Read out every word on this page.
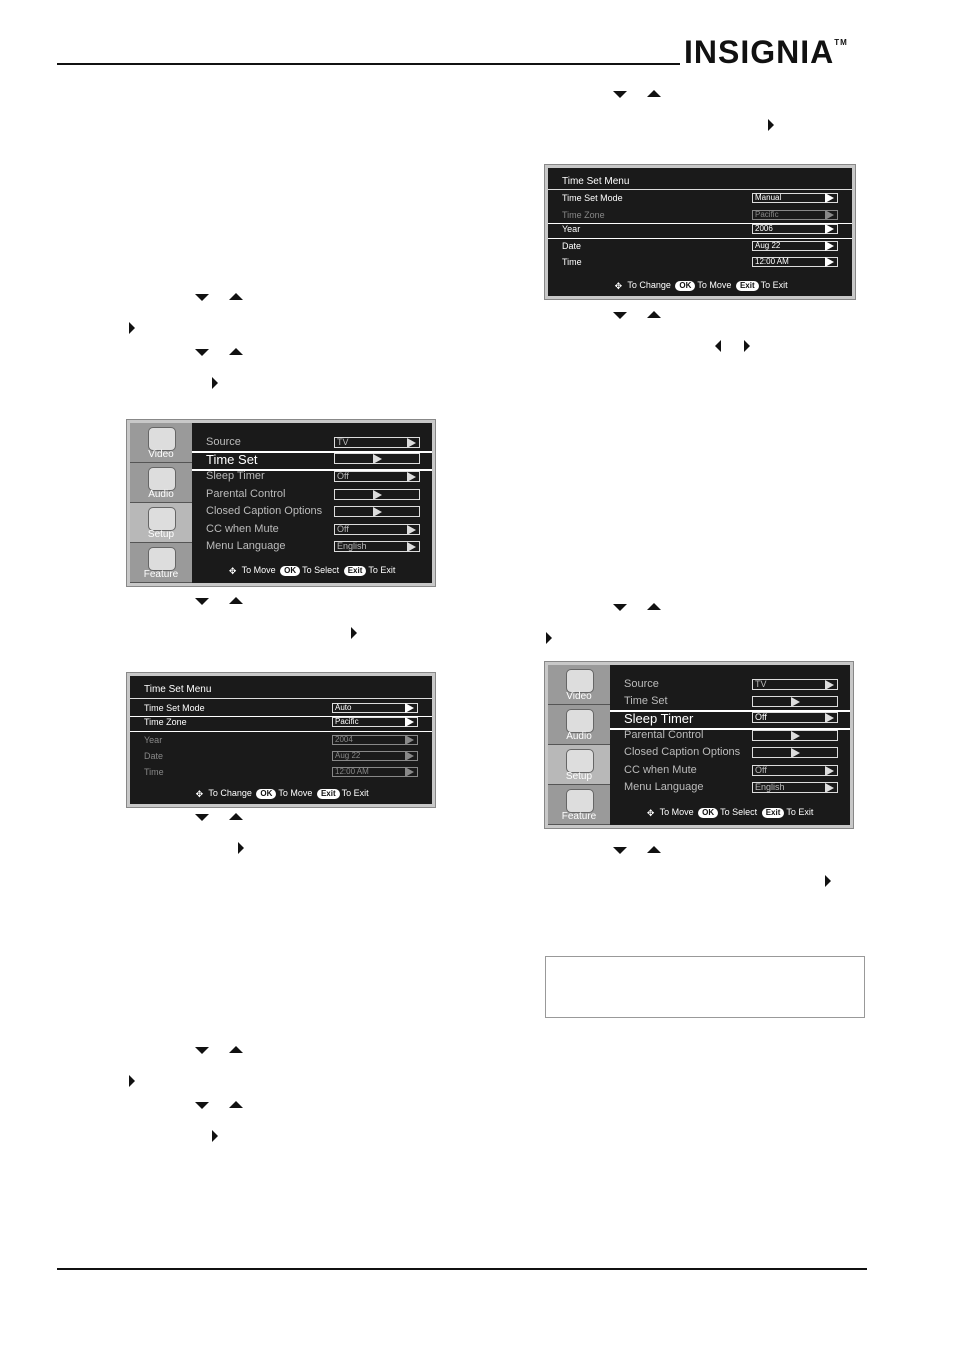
INSIGNIA™
Video
Audio
Setup
Feature
Source	TV
Time Set
Sleep Timer	Off
Parental Control
Closed Caption Options
CC when Mute	Off
Menu Language	English
✥ To Move OK To Select Exit To Exit
Time Set Menu
Time Set Mode	Auto
Time Zone	Pacific
Year	2004
Date	Aug 22
Time	12:00 AM
✥ To Change OK To Move Exit To Exit
Time Set Menu
Time Set Mode	Manual
Time Zone	Pacific
Year	2006
Date	Aug 22
Time	12:00 AM
✥ To Change OK To Move Exit To Exit
Video
Audio
Setup
Feature
Source	TV
Time Set
Sleep Timer	Off
Parental Control
Closed Caption Options
CC when Mute	Off
Menu Language	English
✥ To Move OK To Select Exit To Exit
